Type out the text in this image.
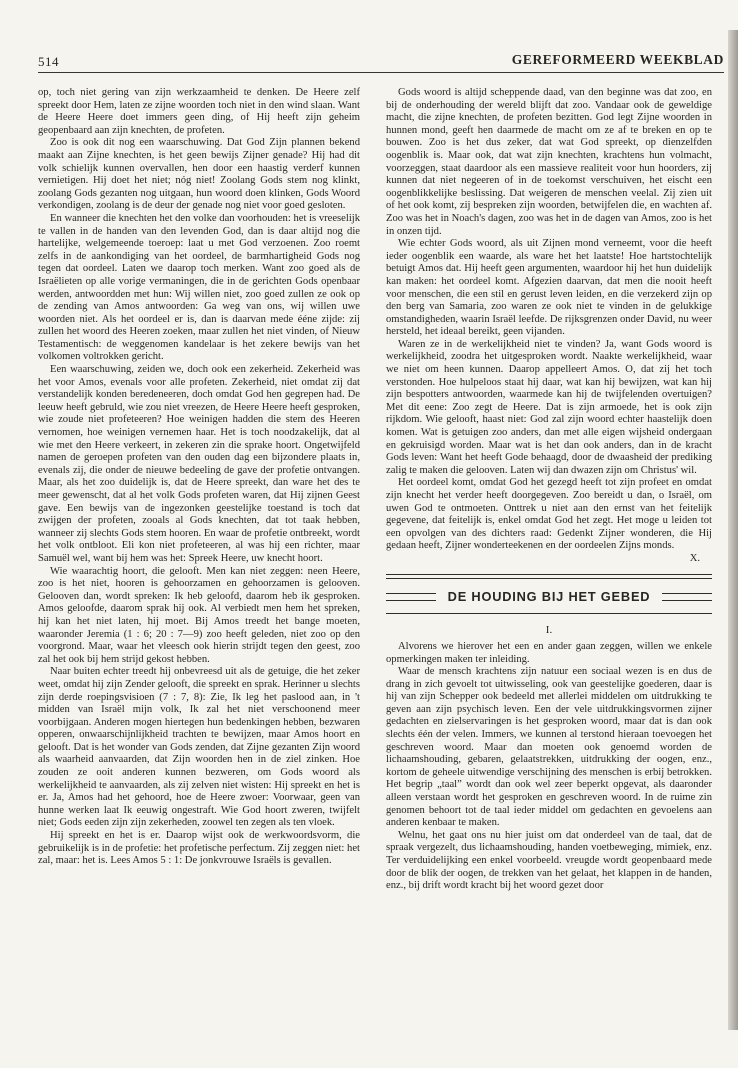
514	GEREFORMEERD WEEKBLAD

op, toch niet gering van zijn werkzaamheid te denken. De Heere zelf spreekt door Hem, laten ze zijne woorden toch niet in den wind slaan. Want de Heere Heere doet immers geen ding, of Hij heeft zijn geheim geopenbaard aan zijn knechten, de profeten.

Zoo is ook dit nog een waarschuwing. Dat God Zijn plannen bekend maakt aan Zijne knechten, is het geen bewijs Zijner genade? Hij had dit volk schielijk kunnen overvallen, hen door een haastig verderf kunnen vernietigen. Hij doet het niet; nóg niet! Zoolang Gods stem nog klinkt, zoolang Gods gezanten nog uitgaan, hun woord doen klinken, Gods Woord verkondigen, zoolang is de deur der genade nog niet voor goed gesloten.

En wanneer die knechten het den volke dan voorhouden: het is vreeselijk te vallen in de handen van den levenden God, dan is daar altijd nog die hartelijke, welgemeende toeroep: laat u met God verzoenen. Zoo roemt zelfs in de aankondiging van het oordeel, de barmhartigheid Gods nog tegen dat oordeel. Laten we daarop toch merken. Want zoo goed als de Israëlieten op alle vorige vermaningen, die in de gerichten Gods openbaar werden, antwoordden met hun: Wij willen niet, zoo goed zullen ze ook op de zending van Amos antwoorden: Ga weg van ons, wij willen uwe woorden niet. Als het oordeel er is, dan is daarvan mede ééne zijde: zij zullen het woord des Heeren zoeken, maar zullen het niet vinden, of Nieuw Testamentisch: de weggenomen kandelaar is het zekere bewijs van het volkomen voltrokken gericht.

Een waarschuwing, zeiden we, doch ook een zekerheid. Zekerheid was het voor Amos, evenals voor alle profeten. Zekerheid, niet omdat zij dat verstandelijk konden beredeneeren, doch omdat God hen gegrepen had. De leeuw heeft gebruld, wie zou niet vreezen, de Heere Heere heeft gesproken, wie zoude niet profeteeren? Hoe weinigen hadden die stem des Heeren vernomen, hoe weinigen vernemen haar. Het is toch noodzakelijk, dat al wie met den Heere verkeert, in zekeren zin die sprake hoort. Ongetwijfeld namen de geroepen profeten van den ouden dag een bijzondere plaats in, evenals zij, die onder de nieuwe bedeeling de gave der profetie ontvangen. Maar, als het zoo duidelijk is, dat de Heere spreekt, dan ware het des te meer gewenscht, dat al het volk Gods profeten waren, dat Hij zijnen Geest gave. Een bewijs van de ingezonken geestelijke toestand is toch dat zwijgen der profeten, zooals al Gods knechten, dat tot taak hebben, wanneer zij slechts Gods stem hooren. En waar de profetie ontbreekt, wordt het volk ontbloot. Eli kon niet profeteeren, al was hij een richter, maar Samuël wel, want bij hem was het: Spreek Heere, uw knecht hoort.

Wie waarachtig hoort, die gelooft. Men kan niet zeggen: neen Heere, zoo is het niet, hooren is gehoorzamen en gehoorzamen is gelooven. Gelooven dan, wordt spreken: Ik heb geloofd, daarom heb ik gesproken. Amos geloofde, daarom sprak hij ook. Al verbiedt men hem het spreken, hij kan het niet laten, hij moet. Bij Amos treedt het bange moeten, waaronder Jeremia (1 : 6; 20 : 7—9) zoo heeft geleden, niet zoo op den voorgrond. Maar, waar het vleesch ook hierin strijdt tegen den geest, zoo zal het ook bij hem strijd gekost hebben.

Naar buiten echter treedt hij onbevreesd uit als de getuige, die het zeker weet, omdat hij zijn Zender gelooft, die spreekt en sprak. Herinner u slechts zijn derde roepingsvisioen (7 : 7, 8): Zie, Ik leg het paslood aan, in 't midden van Israël mijn volk, Ik zal het niet verschoonend meer voorbijgaan. Anderen mogen hiertegen hun bedenkingen hebben, bezwaren opperen, onwaarschijnlijkheid trachten te bewijzen, maar Amos hoort en gelooft. Dat is het wonder van Gods zenden, dat Zijne gezanten Zijn woord als waarheid aanvaarden, dat Zijn woorden hen in de ziel zinken. Hoe zouden ze ooit anderen kunnen bezweren, om Gods woord als werkelijkheid te aanvaarden, als zij zelven niet wisten: Hij spreekt en het is er. Ja, Amos had het gehoord, hoe de Heere zwoer: Voorwaar, geen van hunne werken laat Ik eeuwig ongestraft. Wie God hoort zweren, twijfelt niet; Gods eeden zijn zijn zekerheden, zoowel ten zegen als ten vloek.

Hij spreekt en het is er. Daarop wijst ook de werkwoordsvorm, die gebruikelijk is in de profetie: het profetische perfectum. Zij zeggen niet: het zal, maar: het is. Lees Amos 5 : 1: De jonkvrouwe Israëls is gevallen.

Gods woord is altijd scheppende daad, van den beginne was dat zoo, en bij de onderhouding der wereld blijft dat zoo. Vandaar ook de geweldige macht, die zijne knechten, de profeten bezitten. God legt Zijne woorden in hunnen mond, geeft hen daarmede de macht om ze af te breken en op te bouwen. Zoo is het dus zeker, dat wat God spreekt, op dienzelfden oogenblik is. Maar ook, dat wat zijn knechten, krachtens hun volmacht, voorzeggen, staat daardoor als een massieve realiteit voor hun hoorders, zij kunnen dat niet negeeren of in de toekomst verschuiven, het eischt een oogenblikkelijke beslissing. Dat weigeren de menschen veelal. Zij zien uit of het ook komt, zij bespreken zijn woorden, betwijfelen die, en wachten af. Zoo was het in Noach's dagen, zoo was het in de dagen van Amos, zoo is het in onzen tijd.

Wie echter Gods woord, als uit Zijnen mond verneemt, voor die heeft ieder oogenblik een waarde, als ware het het laatste! Hoe hartstochtelijk betuigt Amos dat. Hij heeft geen argumenten, waardoor hij het hun duidelijk kan maken: het oordeel komt. Afgezien daarvan, dat men die nooit heeft voor menschen, die een stil en gerust leven leiden, en die verzekerd zijn op den berg van Samaria, zoo waren ze ook niet te vinden in de gelukkige omstandigheden, waarin Israël leefde. De rijksgrenzen onder David, nu weer hersteld, het ideaal bereikt, geen vijanden.

Waren ze in de werkelijkheid niet te vinden? Ja, want Gods woord is werkelijkheid, zoodra het uitgesproken wordt. Naakte werkelijkheid, waar we niet om heen kunnen. Daarop appelleert Amos. O, dat zij het toch verstonden. Hoe hulpeloos staat hij daar, wat kan hij bewijzen, wat kan hij zijn bespotters antwoorden, waarmede kan hij de twijfelenden overtuigen? Met dit eene: Zoo zegt de Heere. Dat is zijn armoede, het is ook zijn rijkdom. Wie gelooft, haast niet: God zal zijn woord echter haastelijk doen komen. Wat is getuigen zoo anders, dan met alle eigen wijsheid ondergaan en gekruisigd worden. Maar wat is het dan ook anders, dan in de kracht Gods leven: Want het heeft Gode behaagd, door de dwaasheid der prediking zalig te maken die gelooven. Laten wij dan dwazen zijn om Christus' wil.

Het oordeel komt, omdat God het gezegd heeft tot zijn profeet en omdat zijn knecht het verder heeft doorgegeven. Zoo bereidt u dan, o Israël, om uwen God te ontmoeten. Onttrek u niet aan den ernst van het feitelijk gegevene, dat feitelijk is, enkel omdat God het zegt. Het moge u leiden tot een opvolgen van des dichters raad: Gedenkt Zijner wonderen, die Hij gedaan heeft, Zijner wonderteekenen en der oordeelen Zijns monds.

X.
DE HOUDING BIJ HET GEBED
I.

Alvorens we hierover het een en ander gaan zeggen, willen we enkele opmerkingen maken ter inleiding.

Waar de mensch krachtens zijn natuur een sociaal wezen is en dus de drang in zich gevoelt tot uitwisseling, ook van geestelijke goederen, daar is hij van zijn Schepper ook bedeeld met allerlei middelen om uitdrukking te geven aan zijn psychisch leven. Een der vele uitdrukkingsvormen zijner gedachten en zielservaringen is het gesproken woord, maar dat is dan ook slechts één der velen. Immers, we kunnen al terstond hieraan toevoegen het geschreven woord. Maar dan moeten ook genoemd worden de lichaamshouding, gebaren, gelaatstrekken, uitdrukking der oogen, enz., kortom de geheele uitwendige verschijning des menschen is erbij betrokken. Het begrip „taal” wordt dan ook wel zeer beperkt opgevat, als daaronder alleen verstaan wordt het gesproken en geschreven woord. In de ruime zin genomen behoort tot de taal ieder middel om gedachten en gevoelens aan anderen kenbaar te maken.

Welnu, het gaat ons nu hier juist om dat onderdeel van de taal, dat de spraak vergezelt, dus lichaamshouding, handen voetbeweging, mimiek, enz. Ter verduidelijking een enkel voorbeeld. vreugde wordt geopenbaard mede door de blik der oogen, de trekken van het gelaat, het klappen in de handen, enz., bij drift wordt kracht bij het woord gezet door
